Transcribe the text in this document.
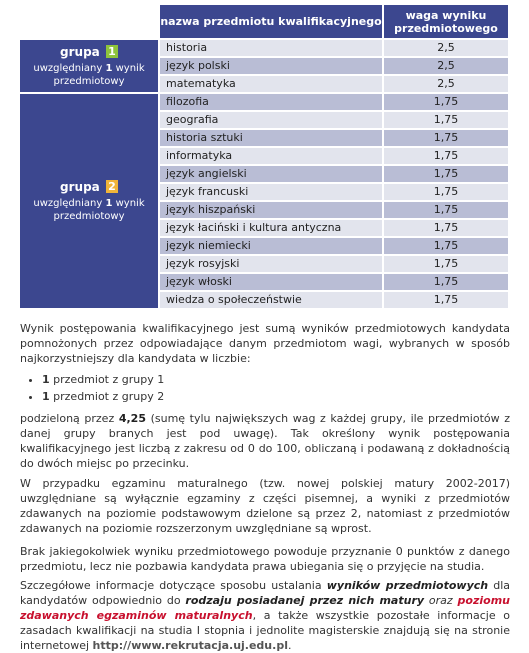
	nazwa przedmiotu kwalifikacyjnego	waga wyniku przedmiotowego

grupa 1
uwzględniany 1 wynik przedmiotowy	historia	2,5
	język polski	2,5
	matematyka	2,5

grupa 2
uwzględniany 1 wynik przedmiotowy	filozofia	1,75
	geografia	1,75
	historia sztuki	1,75
	informatyka	1,75
	język angielski	1,75
	język francuski	1,75
	język hiszpański	1,75
	język łaciński i kultura antyczna	1,75
	język niemiecki	1,75
	język rosyjski	1,75
	język włoski	1,75
	wiedza o społeczeństwie	1,75

Wynik postępowania kwalifikacyjnego jest sumą wyników przedmiotowych kandydata pomnożonych przez odpowiadające danym przedmiotom wagi, wybranych w sposób najkorzystniejszy dla kandydata w liczbie:

• 1 przedmiot z grupy 1
• 1 przedmiot z grupy 2

podzieloną przez 4,25 (sumę tylu największych wag z każdej grupy, ile przedmiotów z danej grupy branych jest pod uwagę). Tak określony wynik postępowania kwalifikacyjnego jest liczbą z zakresu od 0 do 100, obliczaną i podawaną z dokładnością do dwóch miejsc po przecinku.

W przypadku egzaminu maturalnego (tzw. nowej polskiej matury 2002-2017) uwzględniane są wyłącznie egzaminy z części pisemnej, a wyniki z przedmiotów zdawanych na poziomie podstawowym dzielone są przez 2, natomiast z przedmiotów zdawanych na poziomie rozszerzonym uwzględniane są wprost.

Brak jakiegokolwiek wyniku przedmiotowego powoduje przyznanie 0 punktów z danego przedmiotu, lecz nie pozbawia kandydata prawa ubiegania się o przyjęcie na studia.

Szczegółowe informacje dotyczące sposobu ustalania wyników przedmiotowych dla kandydatów odpowiednio do rodzaju posiadanej przez nich matury oraz poziomu zdawanych egzaminów maturalnych, a także wszystkie pozostałe informacje o zasadach kwalifikacji na studia I stopnia i jednolite magisterskie znajdują się na stronie internetowej http://www.rekrutacja.uj.edu.pl.
